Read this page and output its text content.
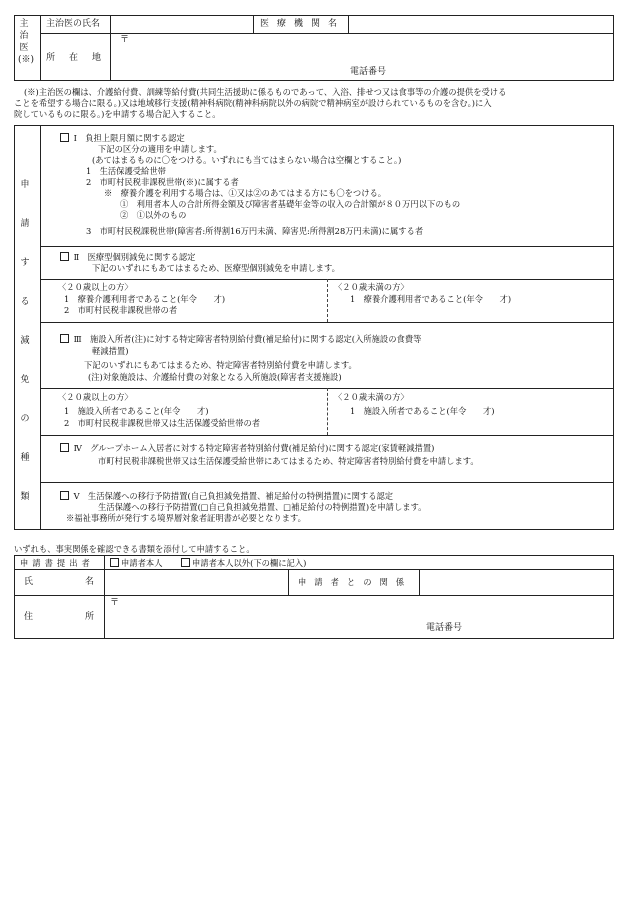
主治医(※)
主治医の氏名	医療機関名
所在地
〒
電話番号
(※)主治医の欄は、介護給付費、訓練等給付費(共同生活援助に係るものであって、入浴、排せつ又は食事等の介護の提供を受ける
ことを希望する場合に限る。)又は地域移行支援(精神科病院(精神科病院以外の病院で精神病室が設けられているものを含む。)に入
院しているものに限る。)を申請する場合記入すること。
申請する減免の種類
Ⅰ　負担上限月額に関する認定
下記の区分の適用を申請します。
(あてはまるものに〇をつける。いずれにも当てはまらない場合は空欄とすること。)
1　生活保護受給世帯
2　市町村民税非課税世帯(※)に属する者
※　療養介護を利用する場合は、①又は②のあてはまる方にも〇をつける。
①　利用者本人の合計所得金額及び障害者基礎年金等の収入の合計額が８０万円以下のもの
②　①以外のもの
3　市町村民税課税世帯(障害者:所得割16万円未満、障害児:所得割28万円未満)に属する者
Ⅱ　医療型個別減免に関する認定
下記のいずれにもあてはまるため、医療型個別減免を申請します。
〈２０歳以上の方〉
1　療養介護利用者であること(年令　　才)
2　市町村民税非課税世帯の者
〈２０歳未満の方〉
1　療養介護利用者であること(年令　　才)
Ⅲ　施設入所者(注)に対する特定障害者特別給付費(補足給付)に関する認定(入所施設の食費等
軽減措置)
下記のいずれにもあてはまるため、特定障害者特別給付費を申請します。
(注)対象施設は、介護給付費の対象となる入所施設(障害者支援施設)
〈２０歳以上の方〉
1　施設入所者であること(年令　　才)
2　市町村民税非課税世帯又は生活保護受給世帯の者
〈２０歳未満の方〉
1　施設入所者であること(年令　　才)
Ⅳ　グループホーム入居者に対する特定障害者特別給付費(補足給付)に関する認定(家賃軽減措置)
市町村民税非課税世帯又は生活保護受給世帯にあてはまるため、特定障害者特別給付費を申請します。
Ⅴ　生活保護への移行予防措置(自己負担減免措置、補足給付の特例措置)に関する認定
生活保護への移行予防措置(□自己負担減免措置、□補足給付の特例措置)を申請します。
※福祉事務所が発行する境界層対象者証明書が必要となります。
いずれも、事実関係を確認できる書類を添付して申請すること。
申請書提出者	申請者本人	申請者本人以外(下の欄に記入)
氏名	申請者との関係
住所
〒
電話番号
